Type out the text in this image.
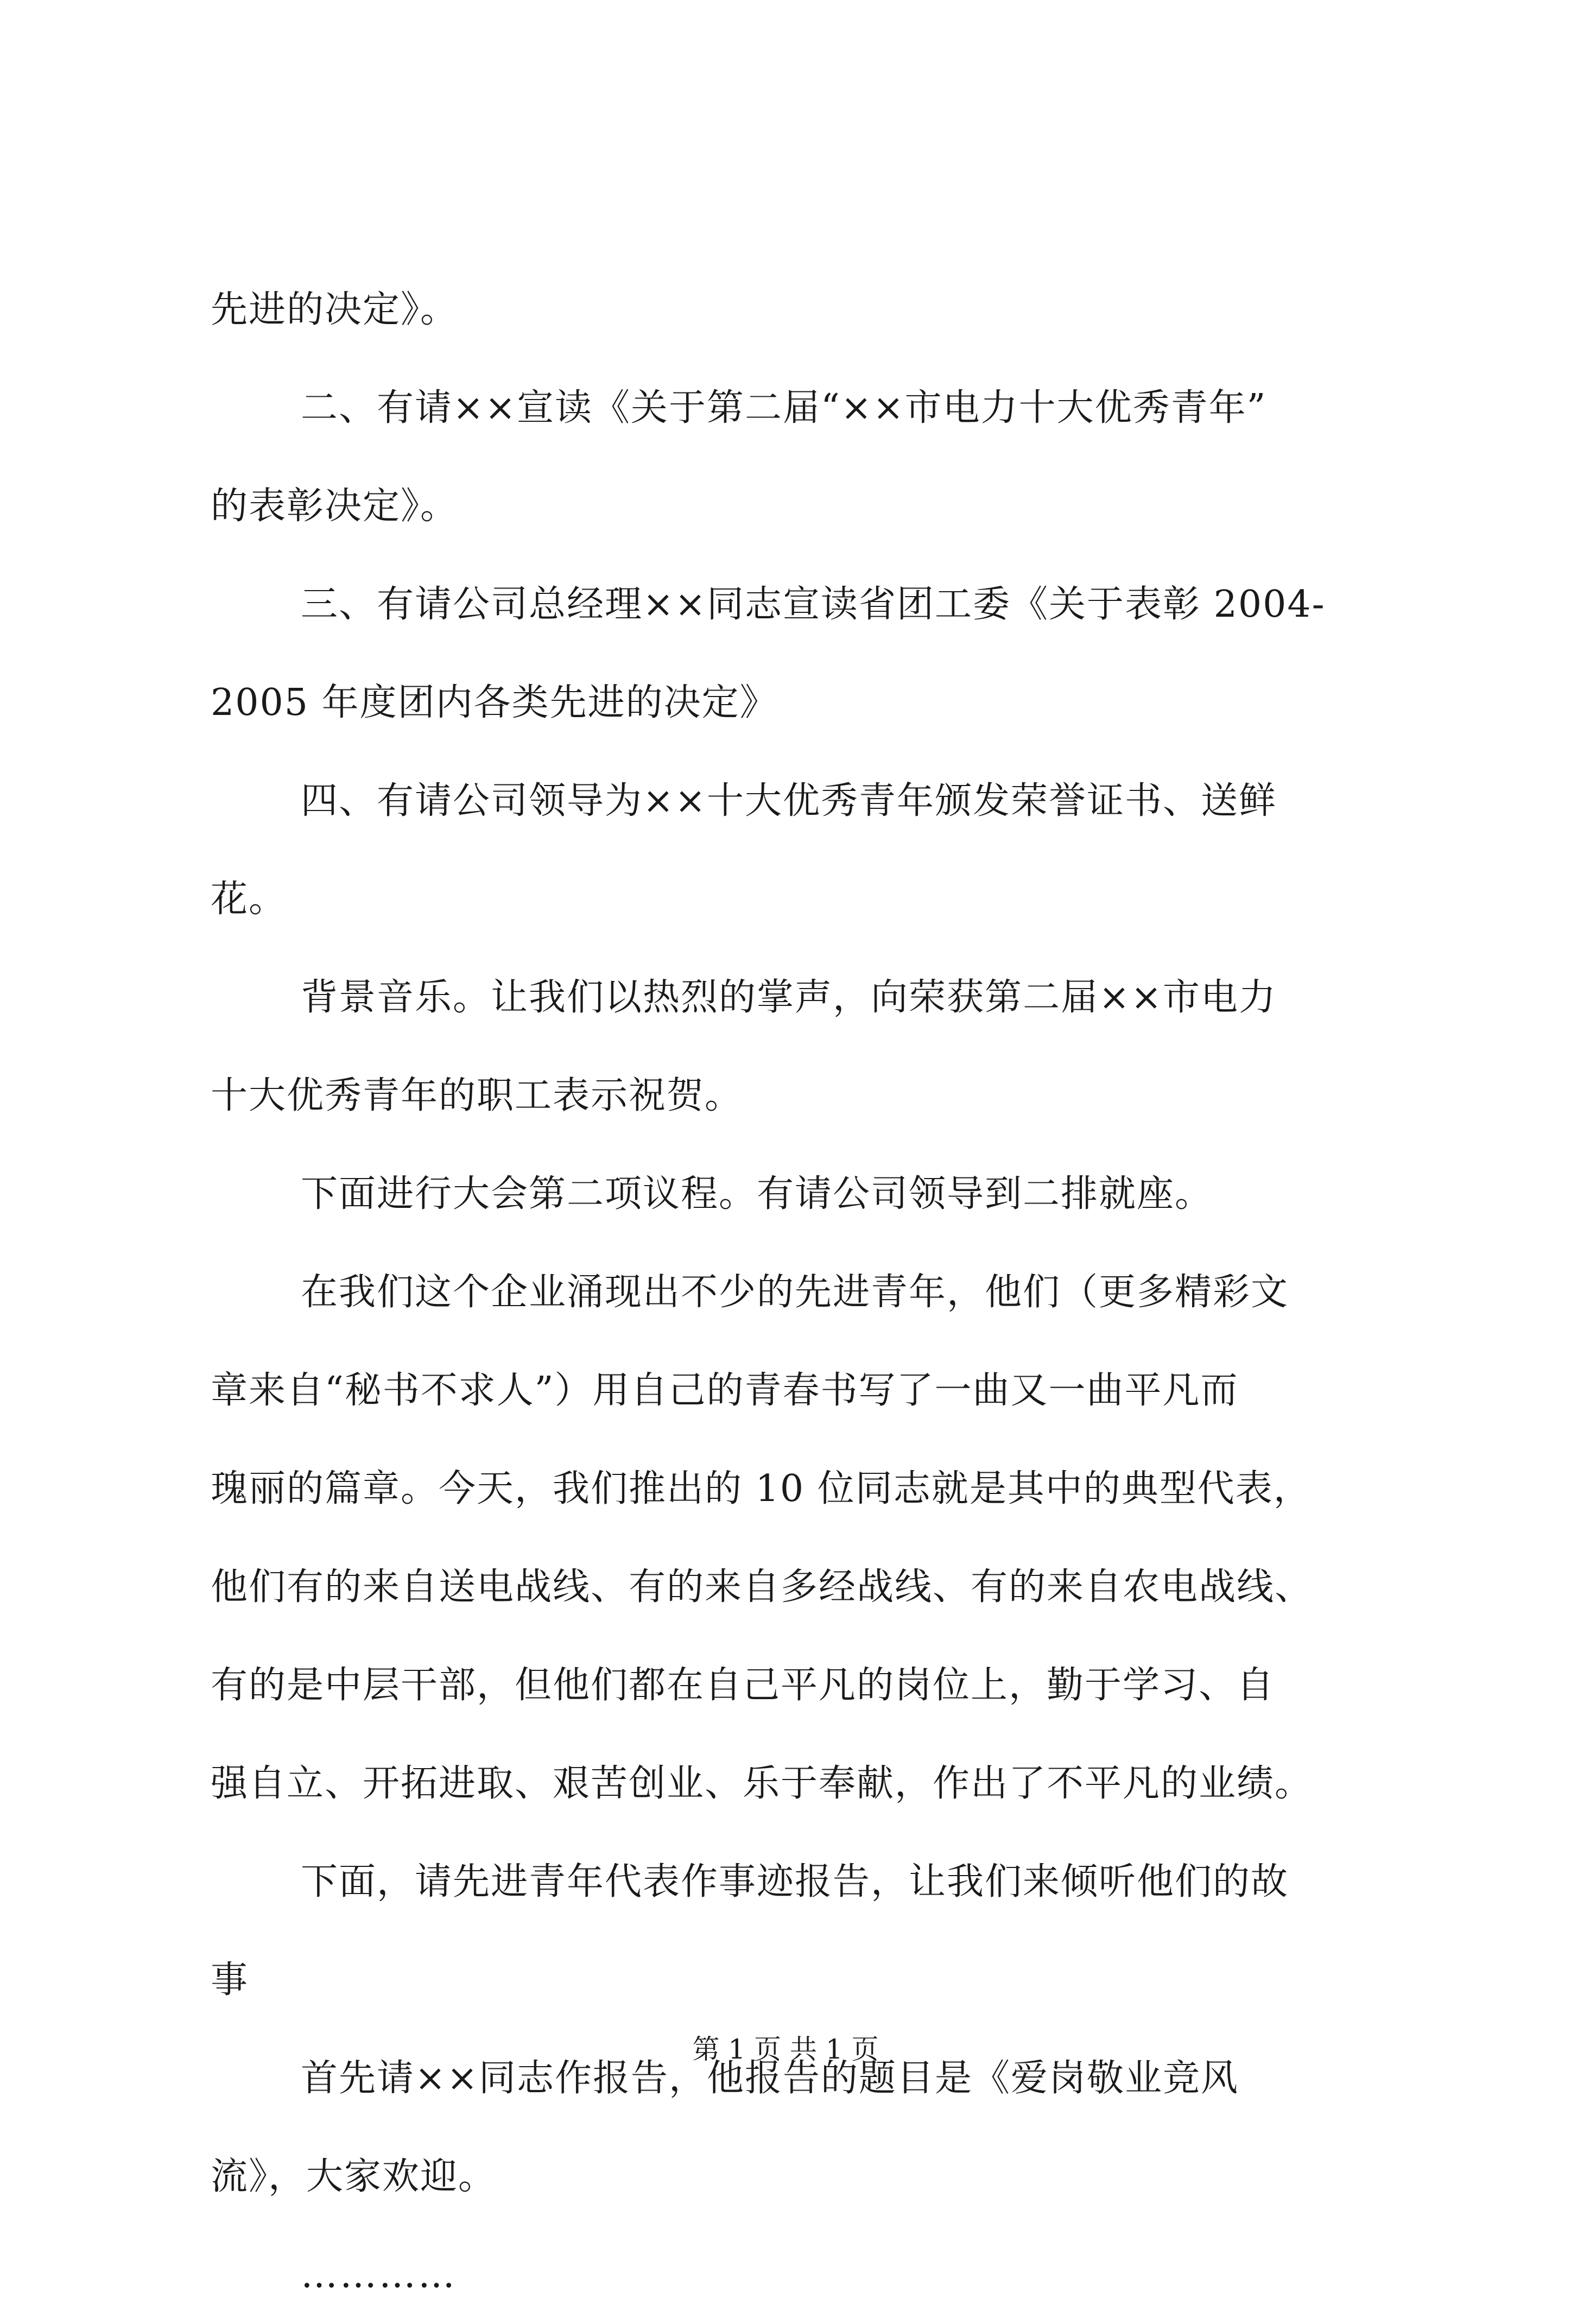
先进的决定》。
二、有请××宣读《关于第二届“××市电力十大优秀青年”
的表彰决定》。
三、有请公司总经理××同志宣读省团工委《关于表彰 2004-
2005 年度团内各类先进的决定》
四、有请公司领导为××十大优秀青年颁发荣誉证书、送鲜
花。
背景音乐。让我们以热烈的掌声，向荣获第二届××市电力
十大优秀青年的职工表示祝贺。
下面进行大会第二项议程。有请公司领导到二排就座。
在我们这个企业涌现出不少的先进青年，他们（更多精彩文
章来自“秘书不求人”）用自己的青春书写了一曲又一曲平凡而
瑰丽的篇章。今天，我们推出的 10 位同志就是其中的典型代表，
他们有的来自送电战线、有的来自多经战线、有的来自农电战线、
有的是中层干部，但他们都在自己平凡的岗位上，勤于学习、自
强自立、开拓进取、艰苦创业、乐于奉献，作出了不平凡的业绩。
下面，请先进青年代表作事迹报告，让我们来倾听他们的故
事
首先请××同志作报告，他报告的题目是《爱岗敬业竞风
流》，大家欢迎。
…………
第 1 页 共 1 页
